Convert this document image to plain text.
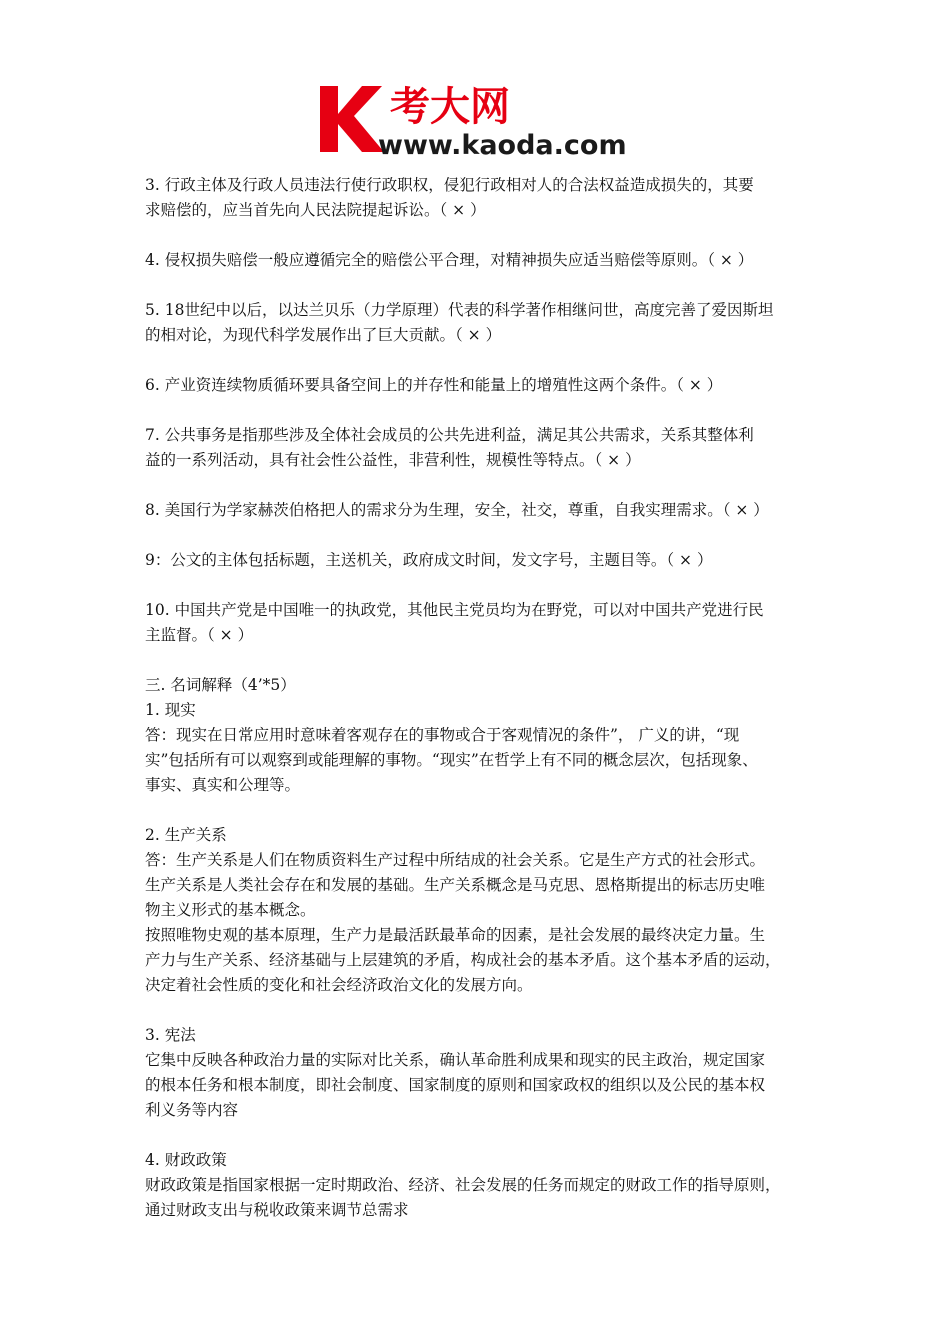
考大网
www.kaoda.com
3. 行政主体及行政人员违法行使行政职权，侵犯行政相对人的合法权益造成损失的，其要
求赔偿的，应当首先向人民法院提起诉讼。（ × ）
4. 侵权损失赔偿一般应遵循完全的赔偿公平合理，对精神损失应适当赔偿等原则。（ × ）
5. 18世纪中以后，以达兰贝乐（力学原理）代表的科学著作相继问世，高度完善了爱因斯坦
的相对论，为现代科学发展作出了巨大贡献。（ × ）
6. 产业资连续物质循环要具备空间上的并存性和能量上的增殖性这两个条件。（ × ）
7. 公共事务是指那些涉及全体社会成员的公共先进利益，满足其公共需求，关系其整体利
益的一系列活动，具有社会性公益性，非营利性，规模性等特点。（ × ）
8. 美国行为学家赫茨伯格把人的需求分为生理，安全，社交，尊重，自我实理需求。（ × ）
9：公文的主体包括标题，主送机关，政府成文时间，发文字号，主题目等。（ × ）
10. 中国共产党是中国唯一的执政党，其他民主党员均为在野党，可以对中国共产党进行民
主监督。（ × ）
三. 名词解释（4’*5）
1. 现实
答：现实在日常应用时意味着客观存在的事物或合于客观情况的条件”， 广义的讲，“现
实”包括所有可以观察到或能理解的事物。“现实”在哲学上有不同的概念层次，包括现象、
事实、真实和公理等。
2. 生产关系
答：生产关系是人们在物质资料生产过程中所结成的社会关系。它是生产方式的社会形式。
生产关系是人类社会存在和发展的基础。生产关系概念是马克思、恩格斯提出的标志历史唯
物主义形式的基本概念。
按照唯物史观的基本原理，生产力是最活跃最革命的因素，是社会发展的最终决定力量。生
产力与生产关系、经济基础与上层建筑的矛盾，构成社会的基本矛盾。这个基本矛盾的运动，
决定着社会性质的变化和社会经济政治文化的发展方向。
3. 宪法
它集中反映各种政治力量的实际对比关系，确认革命胜利成果和现实的民主政治，规定国家
的根本任务和根本制度，即社会制度、国家制度的原则和国家政权的组织以及公民的基本权
利义务等内容
4. 财政政策
财政政策是指国家根据一定时期政治、经济、社会发展的任务而规定的财政工作的指导原则，
通过财政支出与税收政策来调节总需求
